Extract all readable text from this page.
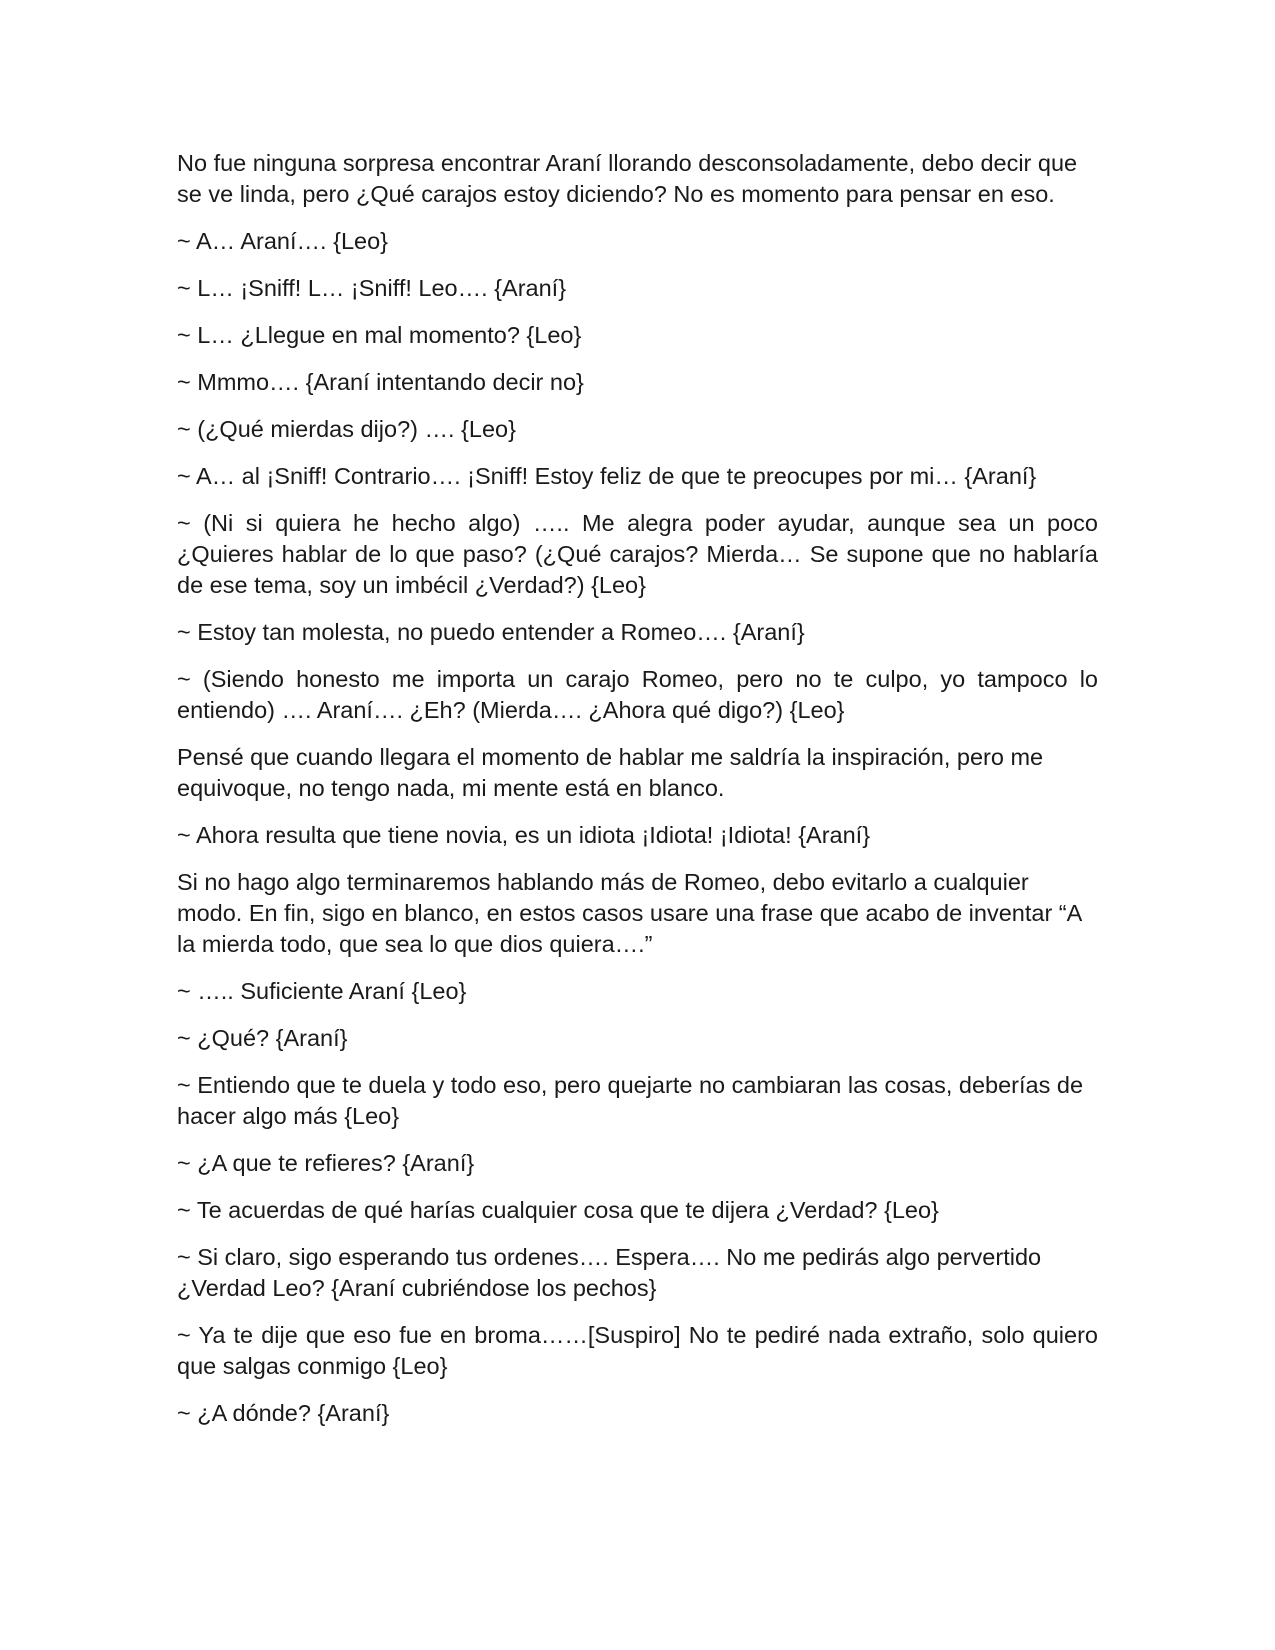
No fue ninguna sorpresa encontrar Araní llorando desconsoladamente, debo decir que se ve linda, pero ¿Qué carajos estoy diciendo? No es momento para pensar en eso.

~ A… Araní…. {Leo}

~ L… ¡Sniff! L… ¡Sniff! Leo…. {Araní}

~ L… ¿Llegue en mal momento? {Leo}

~ Mmmo…. {Araní intentando decir no}

~ (¿Qué mierdas dijo?) …. {Leo}

~ A… al ¡Sniff! Contrario…. ¡Sniff! Estoy feliz de que te preocupes por mi… {Araní}

~ (Ni si quiera he hecho algo) ….. Me alegra poder ayudar, aunque sea un poco ¿Quieres hablar de lo que paso? (¿Qué carajos? Mierda… Se supone que no hablaría de ese tema, soy un imbécil ¿Verdad?) {Leo}

~ Estoy tan molesta, no puedo entender a Romeo…. {Araní}

~ (Siendo honesto me importa un carajo Romeo, pero no te culpo, yo tampoco lo entiendo) …. Araní…. ¿Eh? (Mierda…. ¿Ahora qué digo?) {Leo}

Pensé que cuando llegara el momento de hablar me saldría la inspiración, pero me equivoque, no tengo nada, mi mente está en blanco.

~ Ahora resulta que tiene novia, es un idiota ¡Idiota! ¡Idiota! {Araní}

Si no hago algo terminaremos hablando más de Romeo, debo evitarlo a cualquier modo. En fin, sigo en blanco, en estos casos usare una frase que acabo de inventar “A la mierda todo, que sea lo que dios quiera….”

~ ….. Suficiente Araní {Leo}

~ ¿Qué? {Araní}

~ Entiendo que te duela y todo eso, pero quejarte no cambiaran las cosas, deberías de hacer algo más {Leo}

~ ¿A que te refieres? {Araní}

~ Te acuerdas de qué harías cualquier cosa que te dijera ¿Verdad? {Leo}

~ Si claro, sigo esperando tus ordenes…. Espera…. No me pedirás algo pervertido ¿Verdad Leo? {Araní cubriéndose los pechos}

~ Ya te dije que eso fue en broma……[Suspiro] No te pediré nada extraño, solo quiero que salgas conmigo {Leo}

~ ¿A dónde? {Araní}
